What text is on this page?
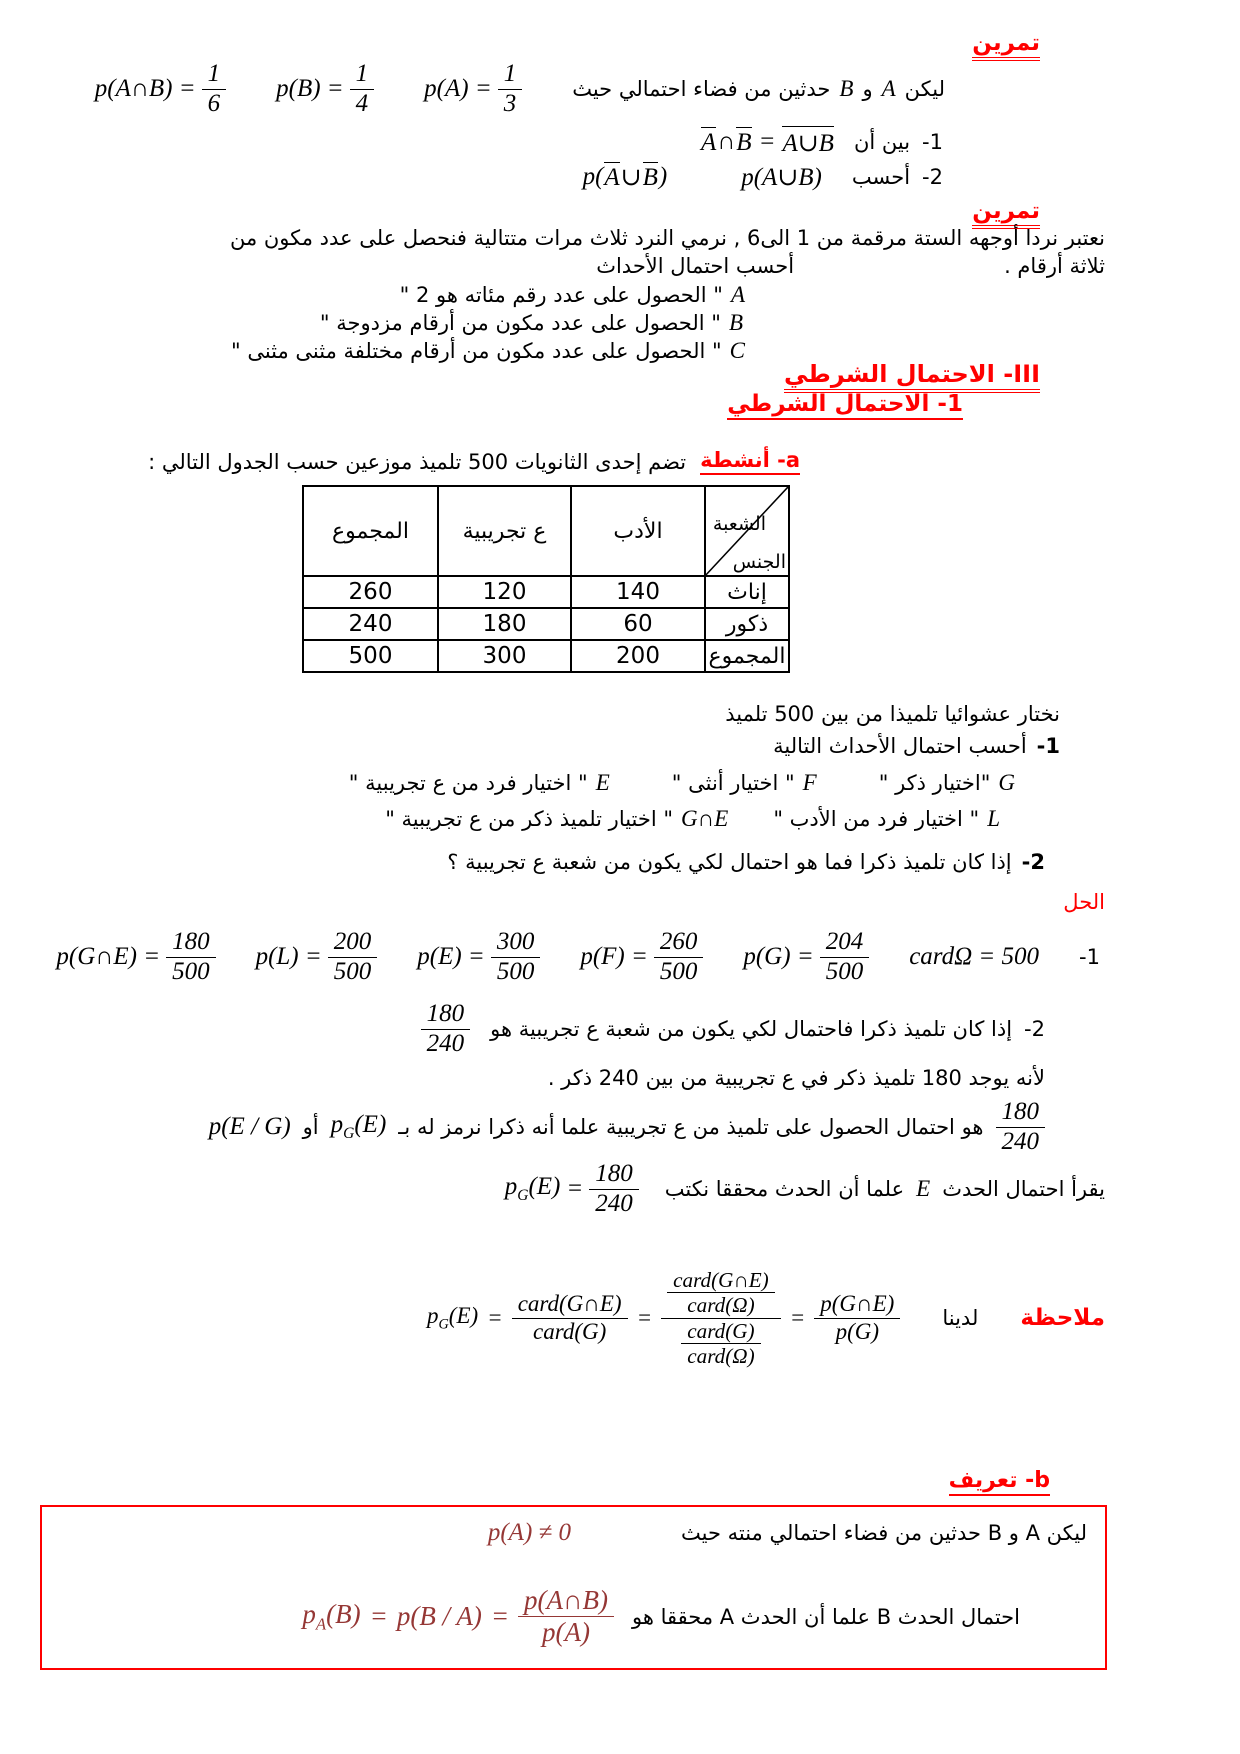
تمرين
ليكن
A
و
B
حدثين من فضاء احتمالي حيث
$p(A) = \frac{1}{3}$
$p(B) = \frac{1}{4}$
p(A∩B) = $\frac{1}{6}$
1-
بين أن
A ∩ B = A∪B
2-
أحسب
p(A∪B)
p( A ∪ B )
تمرين
نعتبر نردا أوجهه الستة مرقمة من 1 الى6 , نرمي النرد ثلاث مرات متتالية فنحصل على عدد مكون من
ثلاثة أرقام .
أحسب احتمال الأحداث
A
" الحصول على عدد رقم مئاته هو 2 "
B
" الحصول على عدد مكون من أرقام مزدوجة "
C
" الحصول على عدد مكون من أرقام مختلفة مثنى مثنى "
III- الاحتمال الشرطي
1- الاحتمال الشرطي
a- أنشطة
تضم إحدى الثانويات 500 تلميذ موزعين حسب الجدول التالي :
الشعبة
الجنس	الأدب	ع تجريبية	المجموع
إناث	140	120	260
ذكور	60	180	240
المجموع	200	300	500
نختار عشوائيا تلميذا من بين 500 تلميذ
1-
أحسب احتمال الأحداث التالية
G
"اختيار ذكر "
F
" اختيار أنثى "
E
" اختيار فرد من ع تجريبية "
L
" اختيار فرد من الأدب "
G∩E
" اختيار تلميذ ذكر من ع تجريبية "
2-
إذا كان تلميذ ذكرا فما هو احتمال لكي يكون من شعبة ع تجريبية ؟
الحل
1-
cardΩ = 500
$p(G) = \frac{204}{500}$
$p(F) = \frac{260}{500}$
$p(E) = \frac{300}{500}$
$p(L) = \frac{200}{500}$
p(G∩E) = $\frac{180}{500}$
2-
إذا كان تلميذ ذكرا فاحتمال لكي يكون من شعبة ع تجريبية هو
$\frac{180}{240}$
لأنه يوجد 180 تلميذ ذكر في ع تجريبية من بين 240 ذكر .
$\frac{180}{240}$
هو احتمال الحصول على تلميذ من ع تجريبية علما أنه ذكرا نرمز له بـ
$p_G(E)$
أو
p(E / G)
يقرأ احتمال الحدث
E
علما أن الحدث محققا نكتب
$p_G(E) = \frac{180}{240}$
ملاحظة
لدينا
$p_G(E) = \frac{\text{card(G∩E)}}{\text{card(G)}} = \frac{\frac{\text{card(G∩E)}}{\text{card(Ω)}}}{\frac{\text{card(G)}}{\text{card(Ω)}}} = \frac{p(G\cap E)}{p(G)}$
b- تعريف
ليكن A و B حدثين من فضاء احتمالي منته حيث
p(A) ≠ 0
احتمال الحدث B علما أن الحدث A محققا هو
$p_A(B) = p(B / A) = \frac{p(A\cap B)}{p(A)}$
